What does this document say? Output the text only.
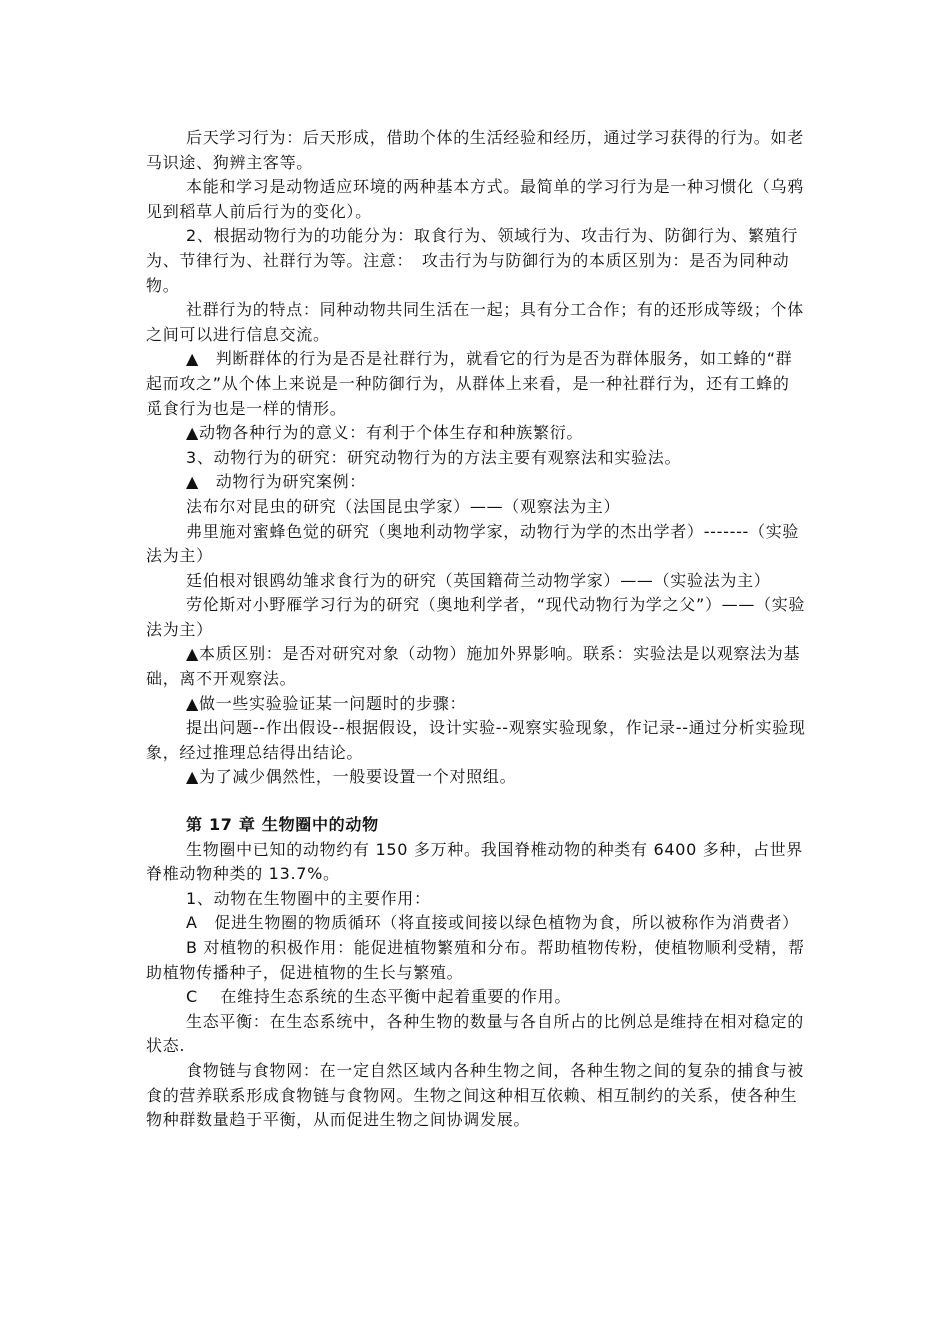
后天学习行为：后天形成，借助个体的生活经验和经历，通过学习获得的行为。如老马识途、狗辨主客等。

本能和学习是动物适应环境的两种基本方式。最简单的学习行为是一种习惯化（乌鸦见到稻草人前后行为的变化）。

2、根据动物行为的功能分为：取食行为、领域行为、攻击行为、防御行为、繁殖行为、节律行为、社群行为等。注意：　攻击行为与防御行为的本质区别为：是否为同种动物。

社群行为的特点：同种动物共同生活在一起；具有分工合作；有的还形成等级；个体之间可以进行信息交流。

▲　判断群体的行为是否是社群行为，就看它的行为是否为群体服务，如工蜂的“群起而攻之”从个体上来说是一种防御行为，从群体上来看，是一种社群行为，还有工蜂的觅食行为也是一样的情形。

▲动物各种行为的意义：有利于个体生存和种族繁衍。

3、动物行为的研究：研究动物行为的方法主要有观察法和实验法。

▲　动物行为研究案例：

法布尔对昆虫的研究（法国昆虫学家）——（观察法为主）

弗里施对蜜蜂色觉的研究（奥地利动物学家，动物行为学的杰出学者）-------（实验法为主）

廷伯根对银鸥幼雏求食行为的研究（英国籍荷兰动物学家）——（实验法为主）

劳伦斯对小野雁学习行为的研究（奥地利学者，“现代动物行为学之父”）——（实验法为主）

▲本质区别：是否对研究对象（动物）施加外界影响。联系：实验法是以观察法为基础，离不开观察法。

▲做一些实验验证某一问题时的步骤：

提出问题--作出假设--根据假设，设计实验--观察实验现象，作记录--通过分析实验现象，经过推理总结得出结论。

▲为了减少偶然性，一般要设置一个对照组。

第 17 章 生物圈中的动物

生物圈中已知的动物约有 150 多万种。我国脊椎动物的种类有 6400 多种，占世界脊椎动物种类的 13.7%。

1、动物在生物圈中的主要作用：

A　促进生物圈的物质循环（将直接或间接以绿色植物为食，所以被称作为消费者）

B 对植物的积极作用：能促进植物繁殖和分布。帮助植物传粉，使植物顺利受精，帮助植物传播种子，促进植物的生长与繁殖。

C　 在维持生态系统的生态平衡中起着重要的作用。

生态平衡：在生态系统中，各种生物的数量与各自所占的比例总是维持在相对稳定的状态.

食物链与食物网：在一定自然区域内各种生物之间，各种生物之间的复杂的捕食与被食的营养联系形成食物链与食物网。生物之间这种相互依赖、相互制约的关系，使各种生物种群数量趋于平衡，从而促进生物之间协调发展。
